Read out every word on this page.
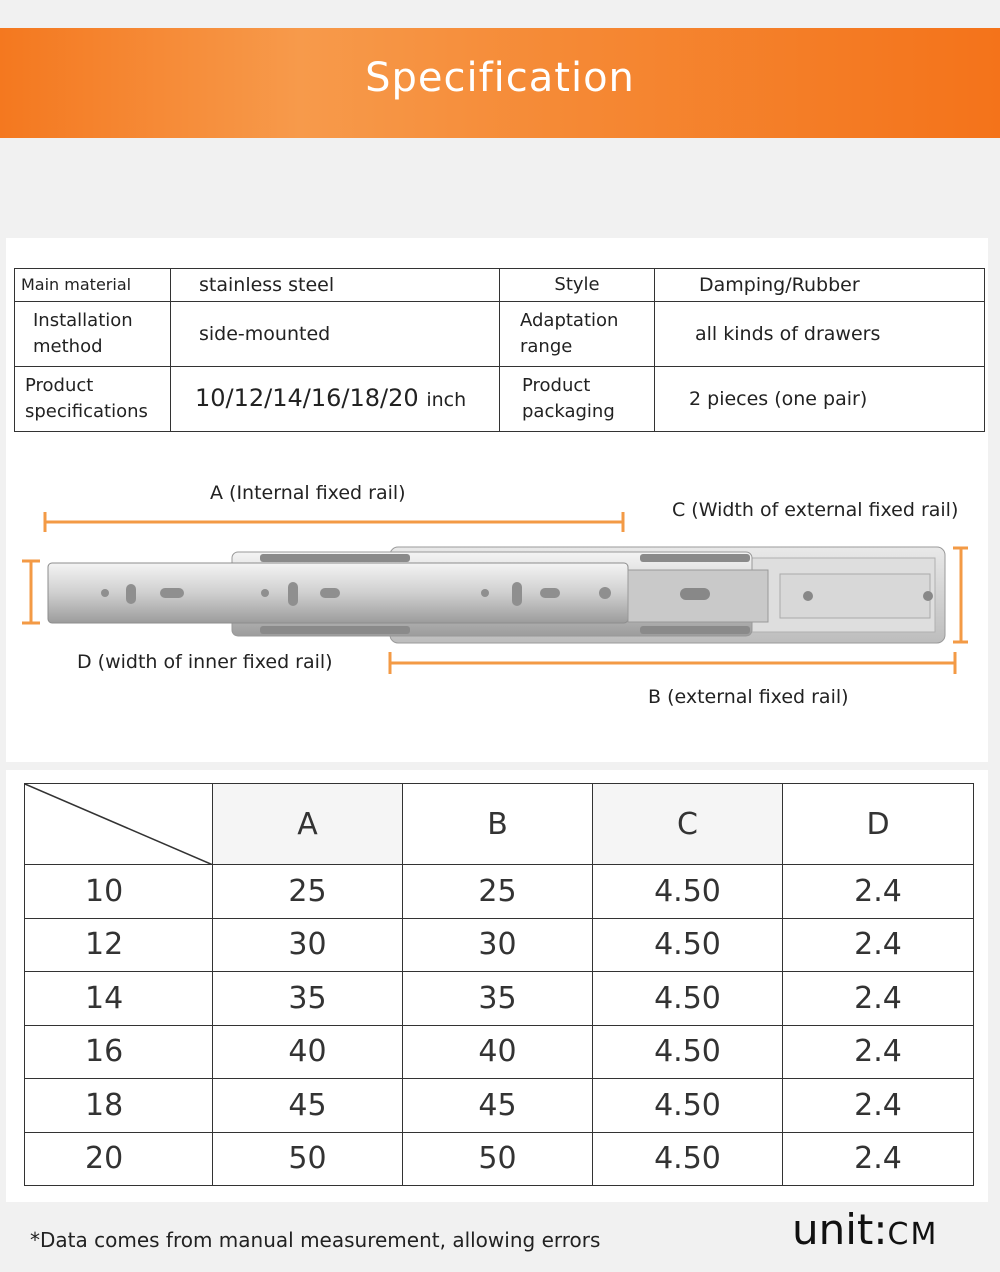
Specification
Main material	stainless steel	Style	Damping/Rubber
Installation method	side-mounted	Adaptation range	all kinds of drawers
Product specifications	10/12/14/16/18/20 inch	Product packaging	2 pieces (one pair)
A (Internal fixed rail)
C (Width of external fixed rail)
D (width of inner fixed rail)
B (external fixed rail)
	A	B	C	D
10	25	25	4.50	2.4
12	30	30	4.50	2.4
14	35	35	4.50	2.4
16	40	40	4.50	2.4
18	45	45	4.50	2.4
20	50	50	4.50	2.4
*Data comes from manual measurement, allowing errors	unit:CM
